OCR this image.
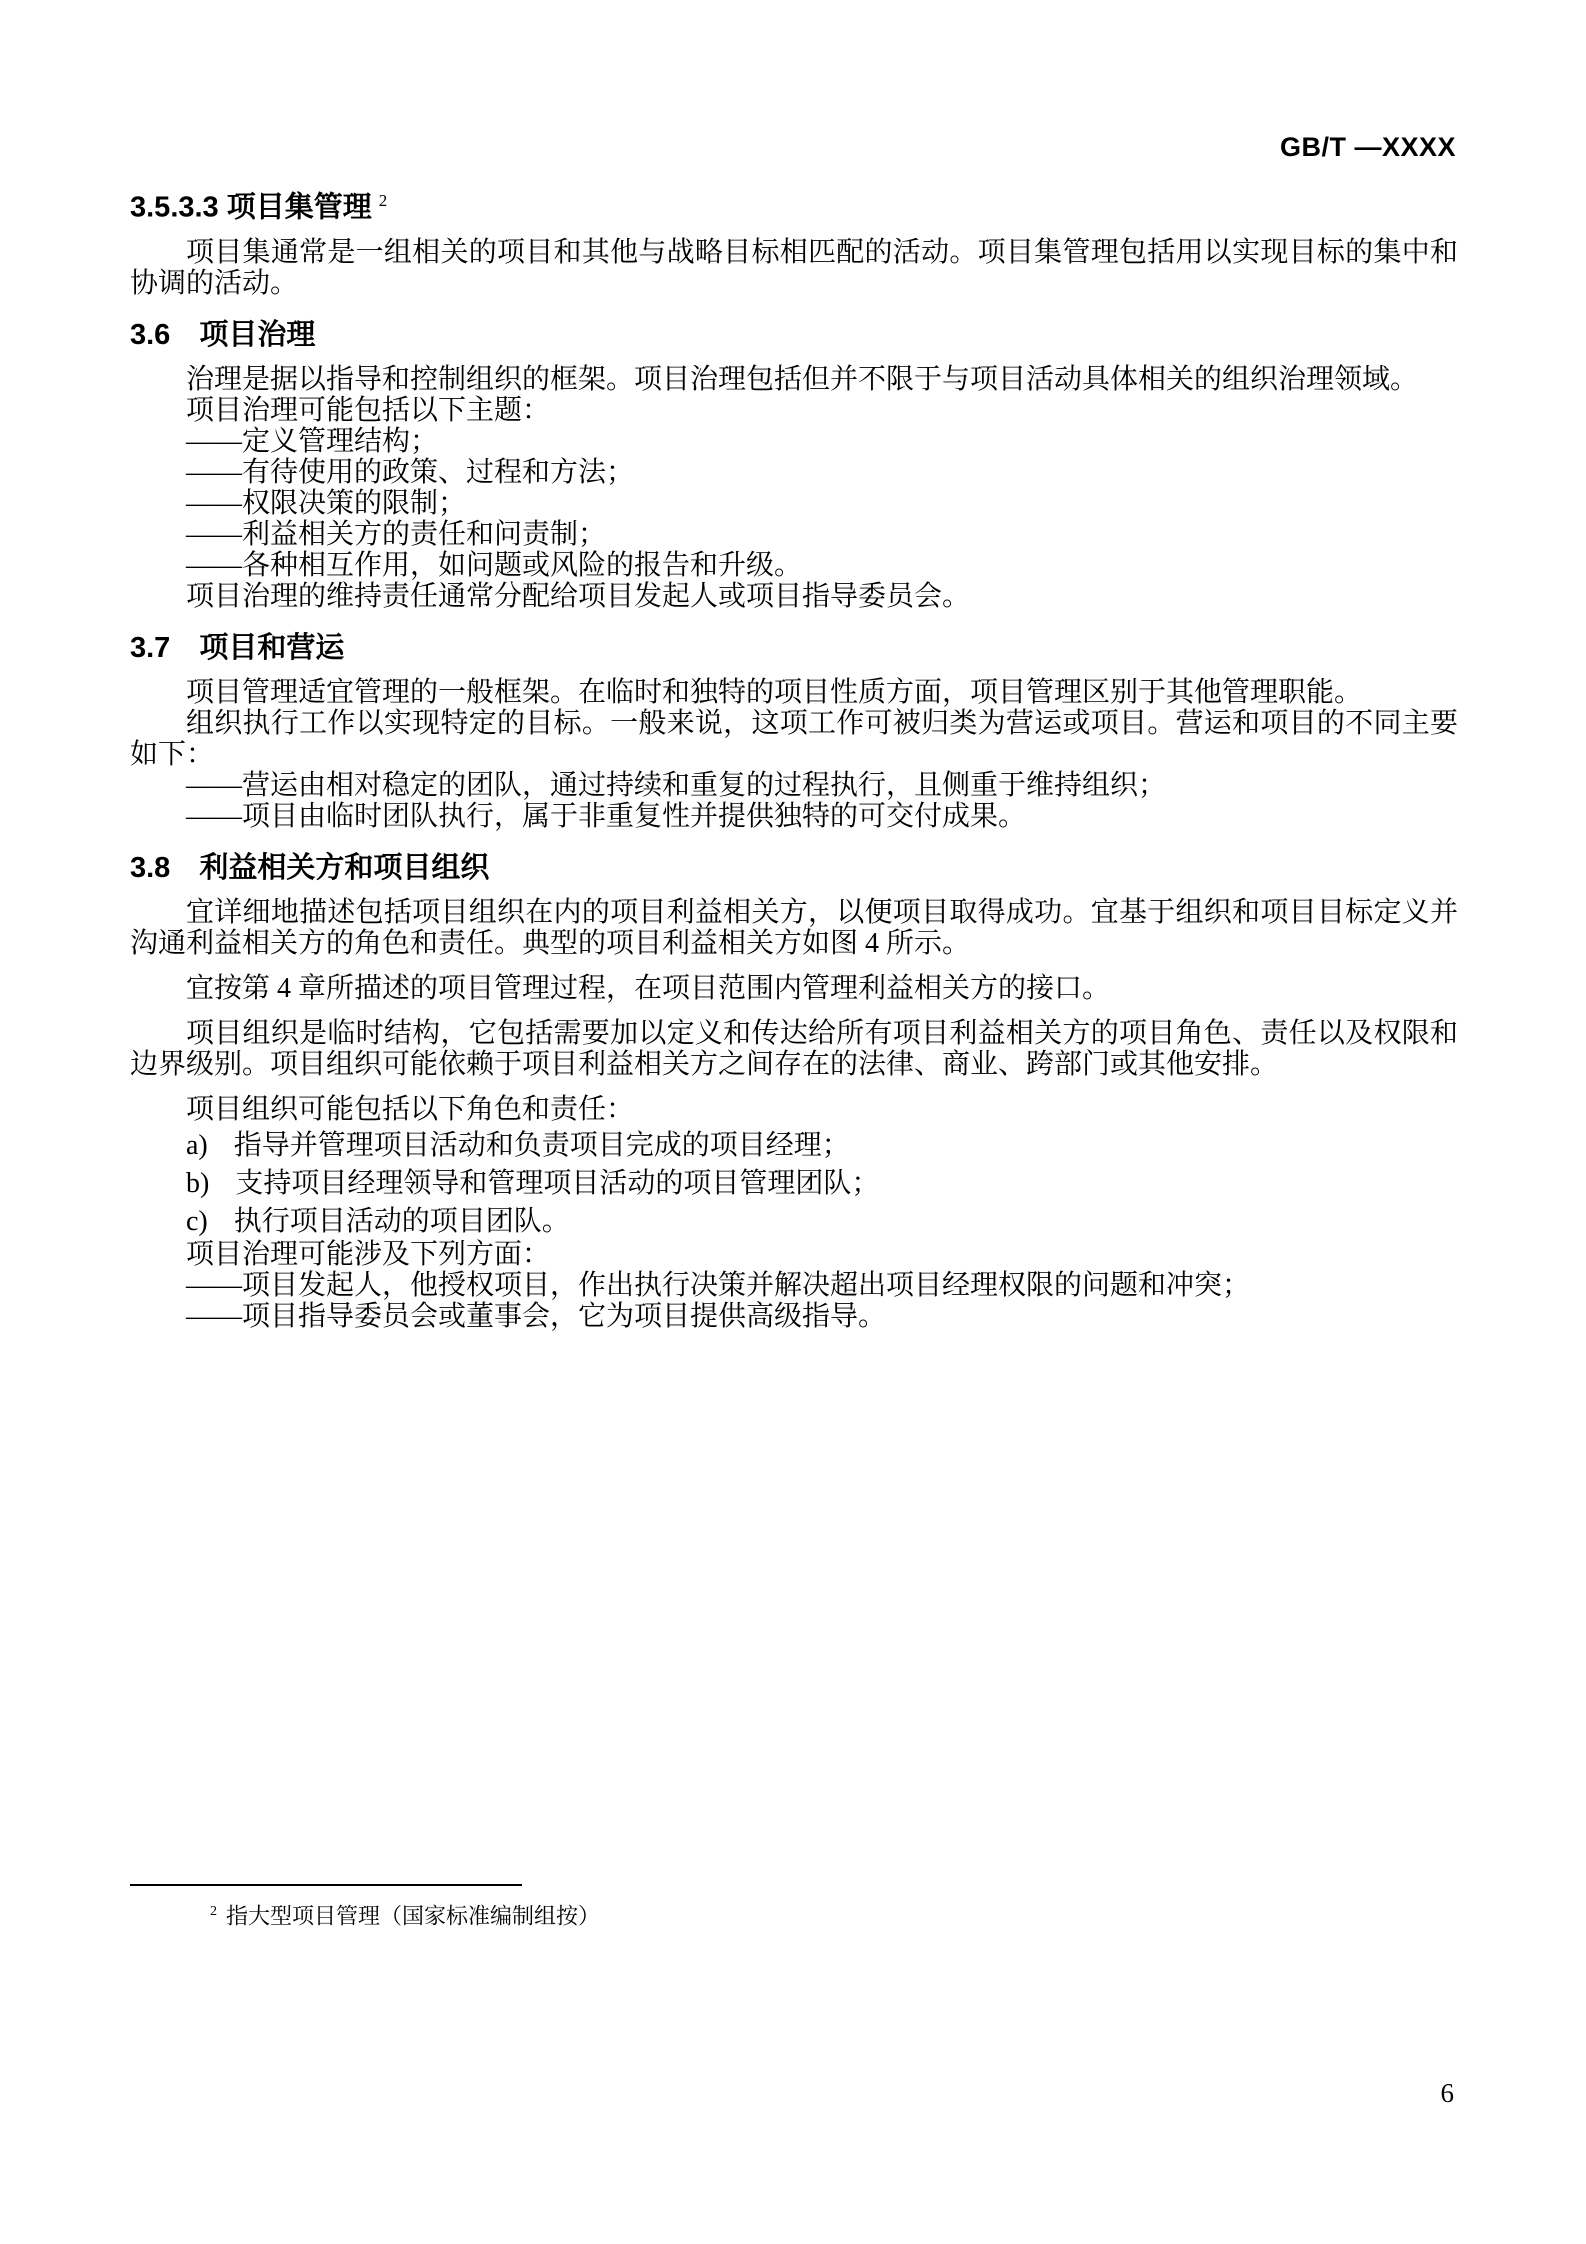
GB/T —XXXX
3.5.3.3 项目集管理 $^2$

项目集通常是一组相关的项目和其他与战略目标相匹配的活动。项目集管理包括用以实现目标的集中和协调的活动。

3.6　项目治理

治理是据以指导和控制组织的框架。项目治理包括但并不限于与项目活动具体相关的组织治理领域。

项目治理可能包括以下主题：

——定义管理结构；

——有待使用的政策、过程和方法；

——权限决策的限制；

——利益相关方的责任和问责制；

——各种相互作用，如问题或风险的报告和升级。

项目治理的维持责任通常分配给项目发起人或项目指导委员会。

3.7　项目和营运

项目管理适宜管理的一般框架。在临时和独特的项目性质方面，项目管理区别于其他管理职能。

组织执行工作以实现特定的目标。一般来说，这项工作可被归类为营运或项目。营运和项目的不同主要如下：

——营运由相对稳定的团队，通过持续和重复的过程执行，且侧重于维持组织；

——项目由临时团队执行，属于非重复性并提供独特的可交付成果。

3.8　利益相关方和项目组织

宜详细地描述包括项目组织在内的项目利益相关方，以便项目取得成功。宜基于组织和项目目标定义并沟通利益相关方的角色和责任。典型的项目利益相关方如图 4 所示。

宜按第 4 章所描述的项目管理过程，在项目范围内管理利益相关方的接口。

项目组织是临时结构，它包括需要加以定义和传达给所有项目利益相关方的项目角色、责任以及权限和边界级别。项目组织可能依赖于项目利益相关方之间存在的法律、商业、跨部门或其他安排。

项目组织可能包括以下角色和责任：

a) 指导并管理项目活动和负责项目完成的项目经理；

b) 支持项目经理领导和管理项目活动的项目管理团队；

c) 执行项目活动的项目团队。

项目治理可能涉及下列方面：

——项目发起人，他授权项目，作出执行决策并解决超出项目经理权限的问题和冲突；

——项目指导委员会或董事会，它为项目提供高级指导。

$^2$ 指大型项目管理（国家标准编制组按）
6
